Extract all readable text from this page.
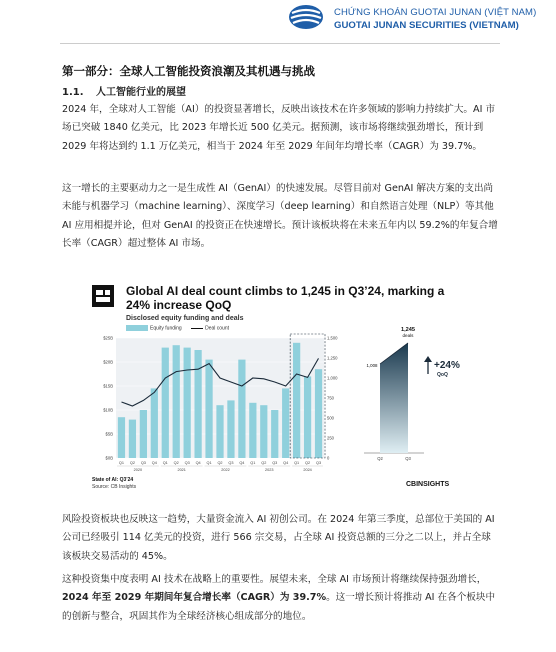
CHỨNG KHOÁN GUOTAI JUNAN (VIỆT NAM)
GUOTAI JUNAN SECURITIES (VIETNAM)
第一部分：全球人工智能投资浪潮及其机遇与挑战
1.1. 人工智能行业的展望
2024 年，全球对人工智能（AI）的投资显著增长，反映出该技术在许多领域的影响力持续扩大。AI 市场已突破 1840 亿美元，比 2023 年增长近 500 亿美元。据预测，该市场将继续强劲增长，预计到 2029 年将达到约 1.1 万亿美元，相当于 2024 年至 2029 年间年均增长率（CAGR）为 39.7%。
这一增长的主要驱动力之一是生成性 AI（GenAI）的快速发展。尽管目前对 GenAI 解决方案的支出尚未能与机器学习（machine learning）、深度学习（deep learning）和自然语言处理（NLP）等其他 AI 应用相提并论，但对 GenAI 的投资正在快速增长。预计该板块将在未来五年内以 59.2%的年复合增长率（CAGR）超过整体 AI 市场。
Global AI deal count climbs to 1,245 in Q3’24, marking a 24% increase QoQ
Disclosed equity funding and deals
Equity funding	Deal count
$0B
$5B
$10B
$15B
$20B
$25B
0
250
500
750
1,000
1,250
1,500
Q1 Q2 Q3 Q4 Q1 Q2 Q3 Q4 Q1 Q2 Q3 Q4 Q1 Q2 Q3 Q4 Q1 Q2 Q3
2020	2021	2022	2023	2024
Q2	Q3
1,008
1,245
deals
+24%
QoQ
State of AI: Q3’24
Source: CB Insights	CBINSIGHTS
风险投资板块也反映这一趋势，大量资金流入 AI 初创公司。在 2024 年第三季度，总部位于美国的 AI 公司已经吸引 114 亿美元的投资，进行 566 宗交易，占全球 AI 投资总额的三分之二以上，并占全球该板块交易活动的 45%。
这种投资集中度表明 AI 技术在战略上的重要性。展望未来，全球 AI 市场预计将继续保持强劲增长，2024 年至 2029 年期间年复合增长率（CAGR）为 39.7%。这一增长预计将推动 AI 在各个板块中的创新与整合，巩固其作为全球经济核心组成部分的地位。
